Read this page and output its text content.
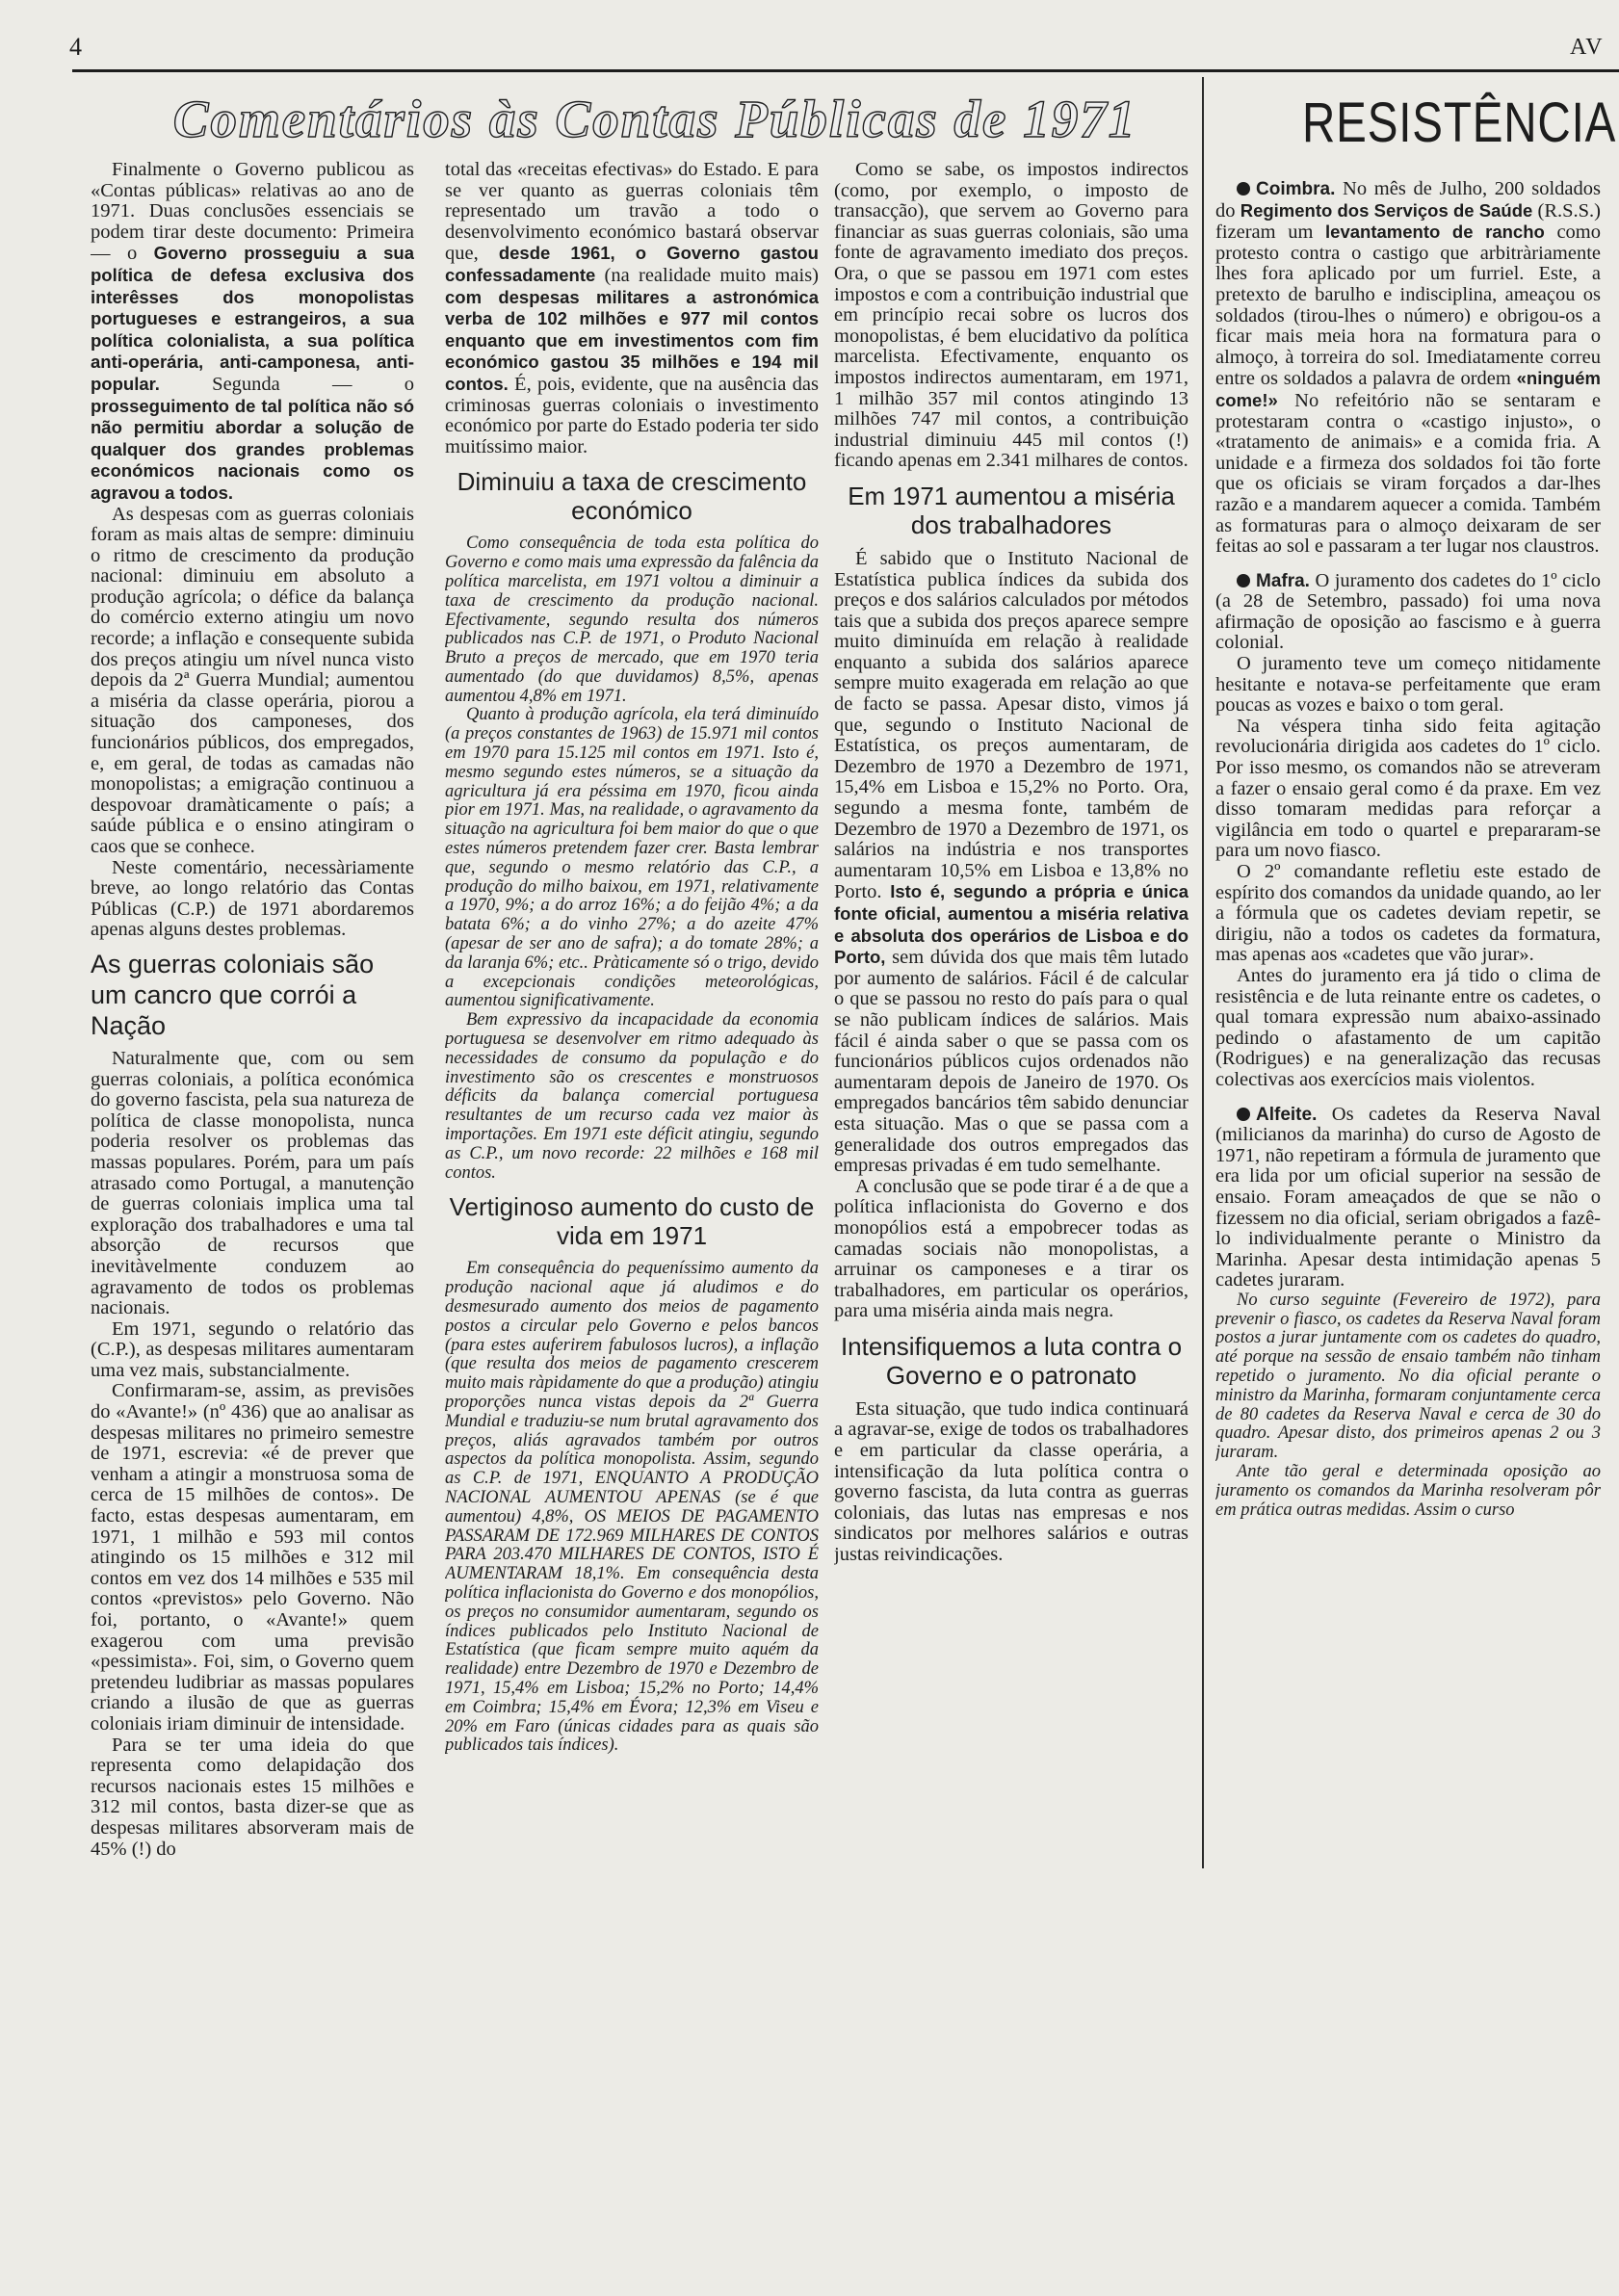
4	AV
Comentários às Contas Públicas de 1971	RESISTÊNCIA

Finalmente o Governo publicou as «Contas públicas» relativas ao ano de 1971. Duas conclusões essenciais se podem tirar deste documento: Primeira — o Governo prosseguiu a sua política de defesa exclusiva dos interêsses dos monopolistas portugueses e estrangeiros, a sua política colonialista, a sua política anti-operária, anti-camponesa, anti-popular. Segunda — o prosseguimento de tal política não só não permitiu abordar a solução de qualquer dos grandes problemas económicos nacionais como os agravou a todos.

As despesas com as guerras coloniais foram as mais altas de sempre: diminuiu o ritmo de crescimento da produção nacional: diminuiu em absoluto a produção agrícola; o défice da balança do comércio externo atingiu um novo recorde; a inflação e consequente subida dos preços atingiu um nível nunca visto depois da 2ª Guerra Mundial; aumentou a miséria da classe operária, piorou a situação dos camponeses, dos funcionários públicos, dos empregados, e, em geral, de todas as camadas não monopolistas; a emigração continuou a despovoar dramàticamente o país; a saúde pública e o ensino atingiram o caos que se conhece.

Neste comentário, necessàriamente breve, ao longo relatório das Contas Públicas (C.P.) de 1971 abordaremos apenas alguns destes problemas.

As guerras coloniais são um cancro que corrói a Nação

Naturalmente que, com ou sem guerras coloniais, a política económica do governo fascista, pela sua natureza de política de classe monopolista, nunca poderia resolver os problemas das massas populares. Porém, para um país atrasado como Portugal, a manutenção de guerras coloniais implica uma tal exploração dos trabalhadores e uma tal absorção de recursos que inevitàvelmente conduzem ao agravamento de todos os problemas nacionais.

Em 1971, segundo o relatório das (C.P.), as despesas militares aumentaram uma vez mais, substancialmente.

Confirmaram-se, assim, as previsões do «Avante!» (nº 436) que ao analisar as despesas militares no primeiro semestre de 1971, escrevia: «é de prever que venham a atingir a monstruosa soma de cerca de 15 milhões de contos». De facto, estas despesas aumentaram, em 1971, 1 milhão e 593 mil contos atingindo os 15 milhões e 312 mil contos em vez dos 14 milhões e 535 mil contos «previstos» pelo Governo. Não foi, portanto, o «Avante!» quem exagerou com uma previsão «pessimista». Foi, sim, o Governo quem pretendeu ludibriar as massas populares criando a ilusão de que as guerras coloniais iriam diminuir de intensidade.

Para se ter uma ideia do que representa como delapidação dos recursos nacionais estes 15 milhões e 312 mil contos, basta dizer-se que as despesas militares absorveram mais de 45% (!) do

total das «receitas efectivas» do Estado. E para se ver quanto as guerras coloniais têm representado um travão a todo o desenvolvimento económico bastará observar que, desde 1961, o Governo gastou confessadamente (na realidade muito mais) com despesas militares a astronómica verba de 102 milhões e 977 mil contos enquanto que em investimentos com fim económico gastou 35 milhões e 194 mil contos. É, pois, evidente, que na ausência das criminosas guerras coloniais o investimento económico por parte do Estado poderia ter sido muitíssimo maior.

Diminuiu a taxa de crescimento económico

Como consequência de toda esta política do Governo e como mais uma expressão da falência da política marcelista, em 1971 voltou a diminuir a taxa de crescimento da produção nacional. Efectivamente, segundo resulta dos números publicados nas C.P. de 1971, o Produto Nacional Bruto a preços de mercado, que em 1970 teria aumentado (do que duvidamos) 8,5%, apenas aumentou 4,8% em 1971.

Quanto à produção agrícola, ela terá diminuído (a preços constantes de 1963) de 15.971 mil contos em 1970 para 15.125 mil contos em 1971. Isto é, mesmo segundo estes números, se a situação da agricultura já era péssima em 1970, ficou ainda pior em 1971. Mas, na realidade, o agravamento da situação na agricultura foi bem maior do que o que estes números pretendem fazer crer. Basta lembrar que, segundo o mesmo relatório das C.P., a produção do milho baixou, em 1971, relativamente a 1970, 9%; a do arroz 16%; a do feijão 4%; a da batata 6%; a do vinho 27%; a do azeite 47% (apesar de ser ano de safra); a do tomate 28%; a da laranja 6%; etc.. Pràticamente só o trigo, devido a excepcionais condições meteorológicas, aumentou significativamente.

Bem expressivo da incapacidade da economia portuguesa se desenvolver em ritmo adequado às necessidades de consumo da população e do investimento são os crescentes e monstruosos déficits da balança comercial portuguesa resultantes de um recurso cada vez maior às importações. Em 1971 este déficit atingiu, segundo as C.P., um novo recorde: 22 milhões e 168 mil contos.

Vertiginoso aumento do custo de vida em 1971

Em consequência do pequeníssimo aumento da produção nacional aque já aludimos e do desmesurado aumento dos meios de pagamento postos a circular pelo Governo e pelos bancos (para estes auferirem fabulosos lucros), a inflação (que resulta dos meios de pagamento crescerem muito mais ràpidamente do que a produção) atingiu proporções nunca vistas depois da 2ª Guerra Mundial e traduziu-se num brutal agravamento dos preços, aliás agravados também por outros aspectos da política monopolista. Assim, segundo as C.P. de 1971, ENQUANTO A PRODUÇÃO NACIONAL AUMENTOU APENAS (se é que aumentou) 4,8%, OS MEIOS DE PAGAMENTO PASSARAM DE 172.969 MILHARES DE CONTOS PARA 203.470 MILHARES DE CONTOS, ISTO É AUMENTARAM 18,1%. Em consequência desta política inflacionista do Governo e dos monopólios, os preços no consumidor aumentaram, segundo os índices publicados pelo Instituto Nacional de Estatística (que ficam sempre muito aquém da realidade) entre Dezembro de 1970 e Dezembro de 1971, 15,4% em Lisboa; 15,2% no Porto; 14,4% em Coimbra; 15,4% em Évora; 12,3% em Viseu e 20% em Faro (únicas cidades para as quais são publicados tais índices).

Como se sabe, os impostos indirectos (como, por exemplo, o imposto de transacção), que servem ao Governo para financiar as suas guerras coloniais, são uma fonte de agravamento imediato dos preços. Ora, o que se passou em 1971 com estes impostos e com a contribuição industrial que em princípio recai sobre os lucros dos monopolistas, é bem elucidativo da política marcelista. Efectivamente, enquanto os impostos indirectos aumentaram, em 1971, 1 milhão 357 mil contos atingindo 13 milhões 747 mil contos, a contribuição industrial diminuiu 445 mil contos (!) ficando apenas em 2.341 milhares de contos.

Em 1971 aumentou a miséria dos trabalhadores

É sabido que o Instituto Nacional de Estatística publica índices da subida dos preços e dos salários calculados por métodos tais que a subida dos preços aparece sempre muito diminuída em relação à realidade enquanto a subida dos salários aparece sempre muito exagerada em relação ao que de facto se passa. Apesar disto, vimos já que, segundo o Instituto Nacional de Estatística, os preços aumentaram, de Dezembro de 1970 a Dezembro de 1971, 15,4% em Lisboa e 15,2% no Porto. Ora, segundo a mesma fonte, também de Dezembro de 1970 a Dezembro de 1971, os salários na indústria e nos transportes aumentaram 10,5% em Lisboa e 13,8% no Porto. Isto é, segundo a própria e única fonte oficial, aumentou a miséria relativa e absoluta dos operários de Lisboa e do Porto, sem dúvida dos que mais têm lutado por aumento de salários. Fácil é de calcular o que se passou no resto do país para o qual se não publicam índices de salários. Mais fácil é ainda saber o que se passa com os funcionários públicos cujos ordenados não aumentaram depois de Janeiro de 1970. Os empregados bancários têm sabido denunciar esta situação. Mas o que se passa com a generalidade dos outros empregados das empresas privadas é em tudo semelhante.

A conclusão que se pode tirar é a de que a política inflacionista do Governo e dos monopólios está a empobrecer todas as camadas sociais não monopolistas, a arruinar os camponeses e a tirar os trabalhadores, em particular os operários, para uma miséria ainda mais negra.

Intensifiquemos a luta contra o Governo e o patronato

Esta situação, que tudo indica continuará a agravar-se, exige de todos os trabalhadores e em particular da classe operária, a intensificação da luta política contra o governo fascista, da luta contra as guerras coloniais, das lutas nas empresas e nos sindicatos por melhores salários e outras justas reivindicações.

Coimbra. No mês de Julho, 200 soldados do Regimento dos Serviços de Saúde (R.S.S.) fizeram um levantamento de rancho como protesto contra o castigo que arbitràriamente lhes fora aplicado por um furriel. Este, a pretexto de barulho e indisciplina, ameaçou os soldados (tirou-lhes o número) e obrigou-os a ficar mais meia hora na formatura para o almoço, à torreira do sol. Imediatamente correu entre os soldados a palavra de ordem «ninguém come!» No refeitório não se sentaram e protestaram contra o «castigo injusto», o «tratamento de animais» e a comida fria. A unidade e a firmeza dos soldados foi tão forte que os oficiais se viram forçados a dar-lhes razão e a mandarem aquecer a comida. Também as formaturas para o almoço deixaram de ser feitas ao sol e passaram a ter lugar nos claustros.

Mafra. O juramento dos cadetes do 1º ciclo (a 28 de Setembro, passado) foi uma nova afirmação de oposição ao fascismo e à guerra colonial.

O juramento teve um começo nitidamente hesitante e notava-se perfeitamente que eram poucas as vozes e baixo o tom geral.

Na véspera tinha sido feita agitação revolucionária dirigida aos cadetes do 1º ciclo. Por isso mesmo, os comandos não se atreveram a fazer o ensaio geral como é da praxe. Em vez disso tomaram medidas para reforçar a vigilância em todo o quartel e prepararam-se para um novo fiasco.

O 2º comandante refletiu este estado de espírito dos comandos da unidade quando, ao ler a fórmula que os cadetes deviam repetir, se dirigiu, não a todos os cadetes da formatura, mas apenas aos «cadetes que vão jurar».

Antes do juramento era já tido o clima de resistência e de luta reinante entre os cadetes, o qual tomara expressão num abaixo-assinado pedindo o afastamento de um capitão (Rodrigues) e na generalização das recusas colectivas aos exercícios mais violentos.

Alfeite. Os cadetes da Reserva Naval (milicianos da marinha) do curso de Agosto de 1971, não repetiram a fórmula de juramento que era lida por um oficial superior na sessão de ensaio. Foram ameaçados de que se não o fizessem no dia oficial, seriam obrigados a fazê-lo individualmente perante o Ministro da Marinha. Apesar desta intimidação apenas 5 cadetes juraram.

No curso seguinte (Fevereiro de 1972), para prevenir o fiasco, os cadetes da Reserva Naval foram postos a jurar juntamente com os cadetes do quadro, até porque na sessão de ensaio também não tinham repetido o juramento. No dia oficial perante o ministro da Marinha, formaram conjuntamente cerca de 80 cadetes da Reserva Naval e cerca de 30 do quadro. Apesar disto, dos primeiros apenas 2 ou 3 juraram.

Ante tão geral e determinada oposição ao juramento os comandos da Marinha resolveram pôr em prática outras medidas. Assim o curso
